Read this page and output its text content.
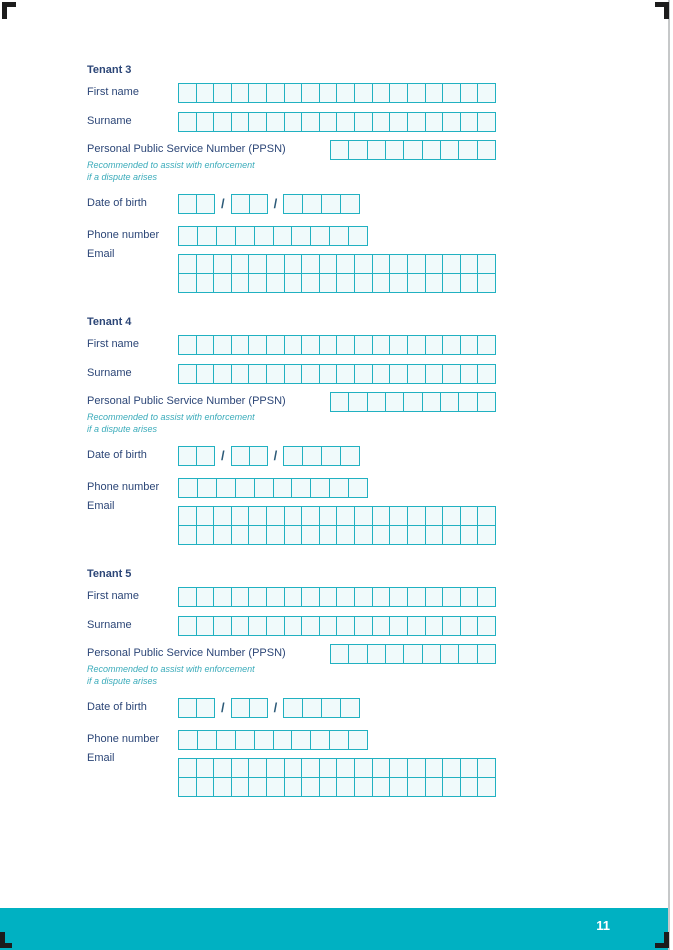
Tenant 3
First name
Surname
Personal Public Service Number (PPSN)
Recommended to assist with enforcement
if a dispute arises
Date of birth	/	/
Phone number
Email
Tenant 4
First name
Surname
Personal Public Service Number (PPSN)
Recommended to assist with enforcement
if a dispute arises
Date of birth	/	/
Phone number
Email
Tenant 5
First name
Surname
Personal Public Service Number (PPSN)
Recommended to assist with enforcement
if a dispute arises
Date of birth	/	/
Phone number
Email
11
